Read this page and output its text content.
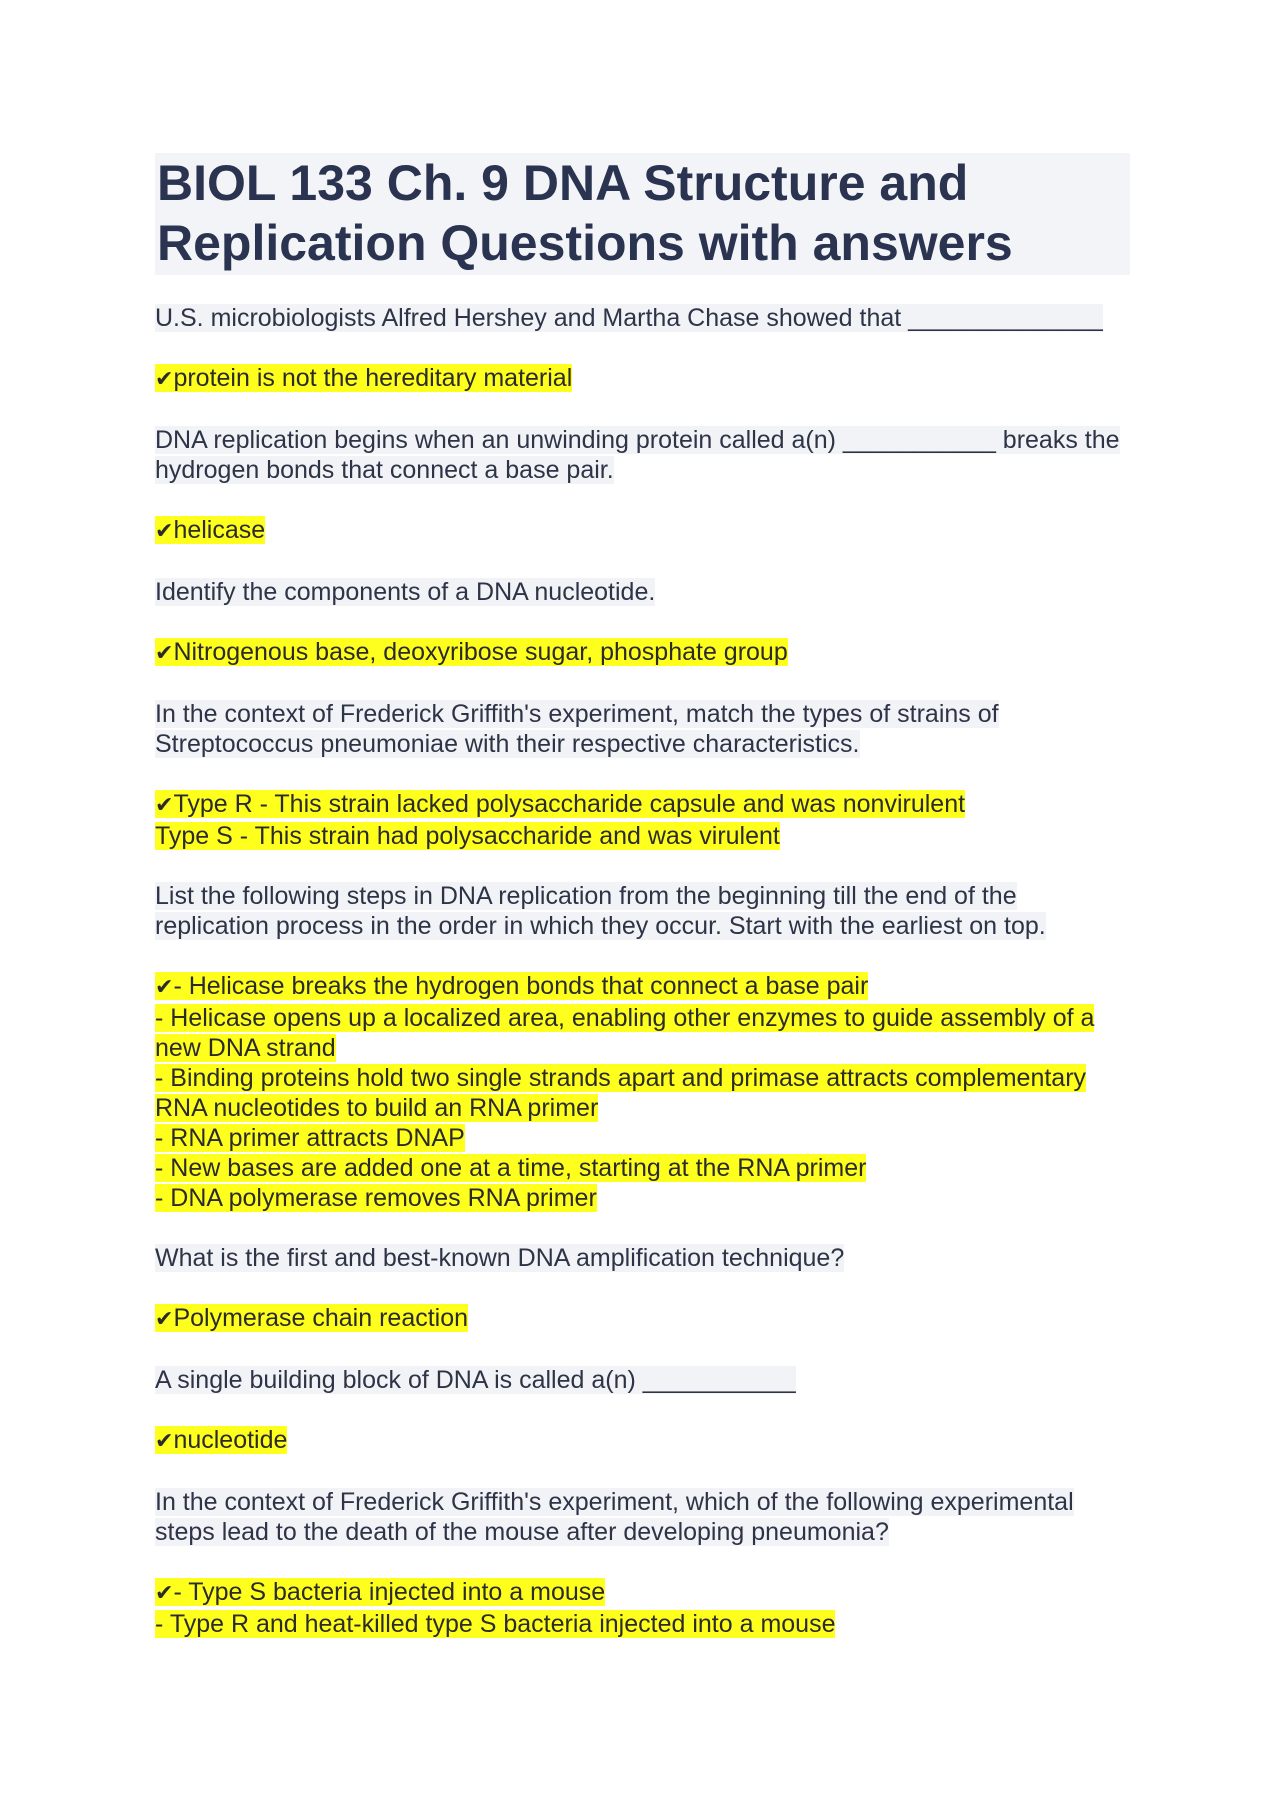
BIOL 133 Ch. 9 DNA Structure and Replication Questions with answers

U.S. microbiologists Alfred Hershey and Martha Chase showed that ______________

✔protein is not the hereditary material

DNA replication begins when an unwinding protein called a(n) ___________ breaks the hydrogen bonds that connect a base pair.

✔helicase

Identify the components of a DNA nucleotide.

✔Nitrogenous base, deoxyribose sugar, phosphate group

In the context of Frederick Griffith's experiment, match the types of strains of Streptococcus pneumoniae with their respective characteristics.

✔Type R - This strain lacked polysaccharide capsule and was nonvirulent
Type S - This strain had polysaccharide and was virulent

List the following steps in DNA replication from the beginning till the end of the replication process in the order in which they occur. Start with the earliest on top.

✔- Helicase breaks the hydrogen bonds that connect a base pair
- Helicase opens up a localized area, enabling other enzymes to guide assembly of a new DNA strand
- Binding proteins hold two single strands apart and primase attracts complementary RNA nucleotides to build an RNA primer
- RNA primer attracts DNAP
- New bases are added one at a time, starting at the RNA primer
- DNA polymerase removes RNA primer

What is the first and best-known DNA amplification technique?

✔Polymerase chain reaction

A single building block of DNA is called a(n) ___________

✔nucleotide

In the context of Frederick Griffith's experiment, which of the following experimental steps lead to the death of the mouse after developing pneumonia?

✔- Type S bacteria injected into a mouse
- Type R and heat-killed type S bacteria injected into a mouse
